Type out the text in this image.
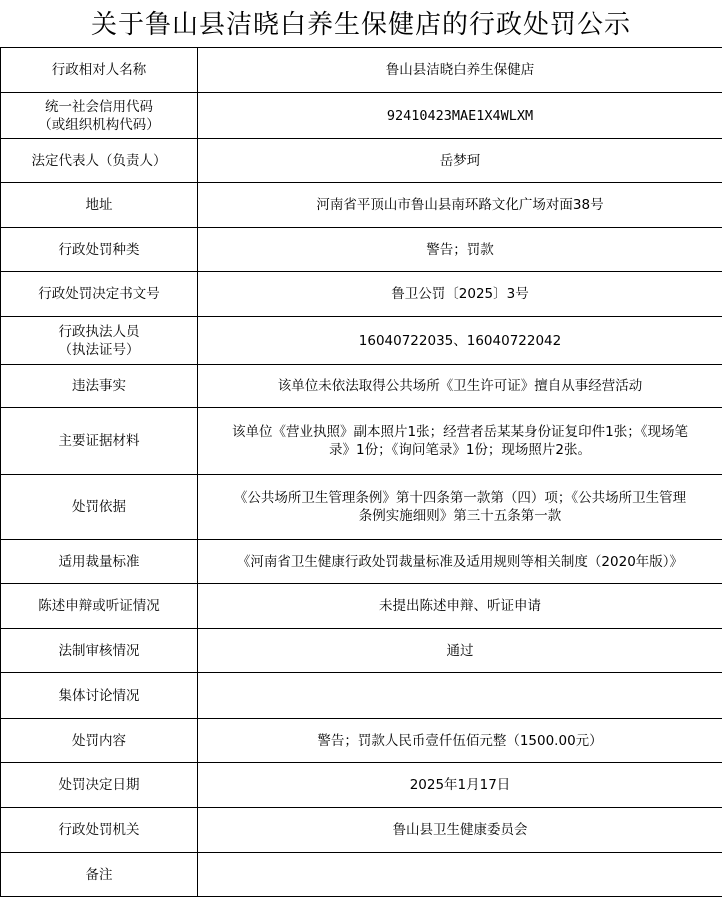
关于鲁山县洁晓白养生保健店的行政处罚公示
行政相对人名称	鲁山县洁晓白养生保健店

统一社会信用代码
（或组织机构代码）	92410423MAE1X4WLXM

法定代表人（负责人）	岳梦珂

地址	河南省平顶山市鲁山县南环路文化广场对面38号

行政处罚种类	警告；罚款

行政处罚决定书文号	鲁卫公罚〔2025〕3号

行政执法人员
（执法证号）	16040722035、16040722042

违法事实	该单位未依法取得公共场所《卫生许可证》擅自从事经营活动

主要证据材料	该单位《营业执照》副本照片1张；经营者岳某某身份证复印件1张；《现场笔
录》1份；《询问笔录》1份；现场照片2张。

处罚依据	《公共场所卫生管理条例》第十四条第一款第（四）项；《公共场所卫生管理
条例实施细则》第三十五条第一款

适用裁量标准	《河南省卫生健康行政处罚裁量标准及适用规则等相关制度（2020年版）》

陈述申辩或听证情况	未提出陈述申辩、听证申请

法制审核情况	通过

集体讨论情况	

处罚内容	警告；罚款人民币壹仟伍佰元整（1500.00元）

处罚决定日期	2025年1月17日

行政处罚机关	鲁山县卫生健康委员会

备注	
